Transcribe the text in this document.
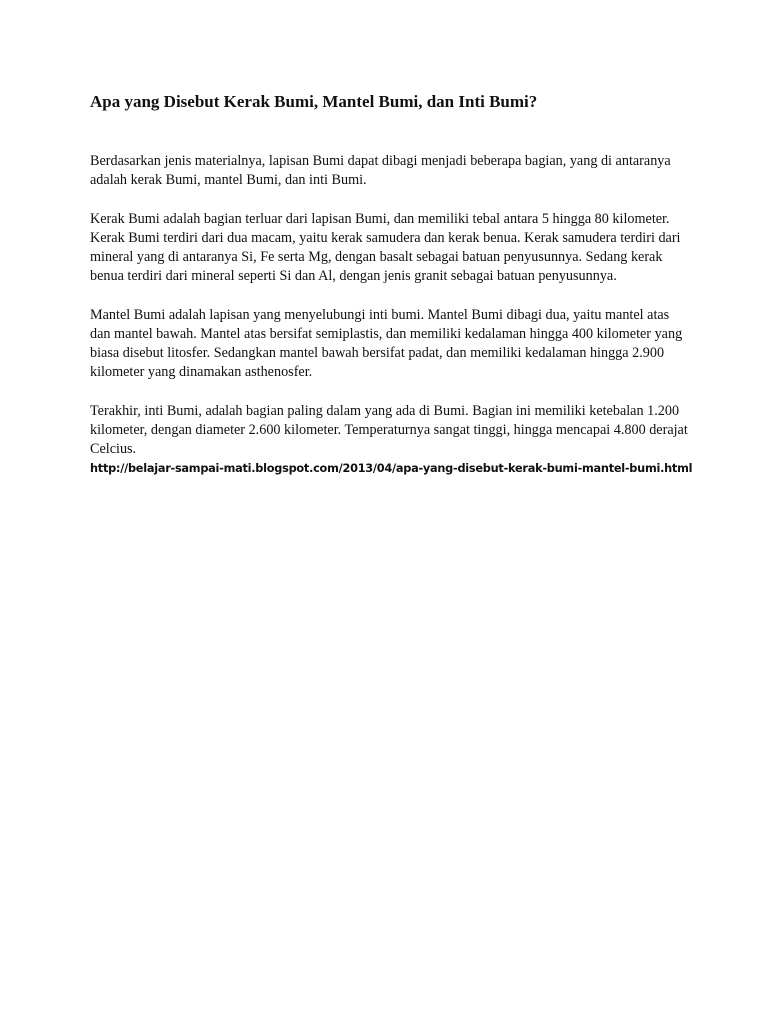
Apa yang Disebut Kerak Bumi, Mantel Bumi, dan Inti Bumi?

Berdasarkan jenis materialnya, lapisan Bumi dapat dibagi menjadi beberapa bagian, yang di antaranya adalah kerak Bumi, mantel Bumi, dan inti Bumi.

Kerak Bumi adalah bagian terluar dari lapisan Bumi, dan memiliki tebal antara 5 hingga 80 kilometer. Kerak Bumi terdiri dari dua macam, yaitu kerak samudera dan kerak benua. Kerak samudera terdiri dari mineral yang di antaranya Si, Fe serta Mg, dengan basalt sebagai batuan penyusunnya. Sedang kerak benua terdiri dari mineral seperti Si dan Al, dengan jenis granit sebagai batuan penyusunnya.

Mantel Bumi adalah lapisan yang menyelubungi inti bumi. Mantel Bumi dibagi dua, yaitu mantel atas dan mantel bawah. Mantel atas bersifat semiplastis, dan memiliki kedalaman hingga 400 kilometer yang biasa disebut litosfer. Sedangkan mantel bawah bersifat padat, dan memiliki kedalaman hingga 2.900 kilometer yang dinamakan asthenosfer.

Terakhir, inti Bumi, adalah bagian paling dalam yang ada di Bumi. Bagian ini memiliki ketebalan 1.200 kilometer, dengan diameter 2.600 kilometer. Temperaturnya sangat tinggi, hingga mencapai 4.800 derajat Celcius.

http://belajar-sampai-mati.blogspot.com/2013/04/apa-yang-disebut-kerak-bumi-mantel-bumi.html
